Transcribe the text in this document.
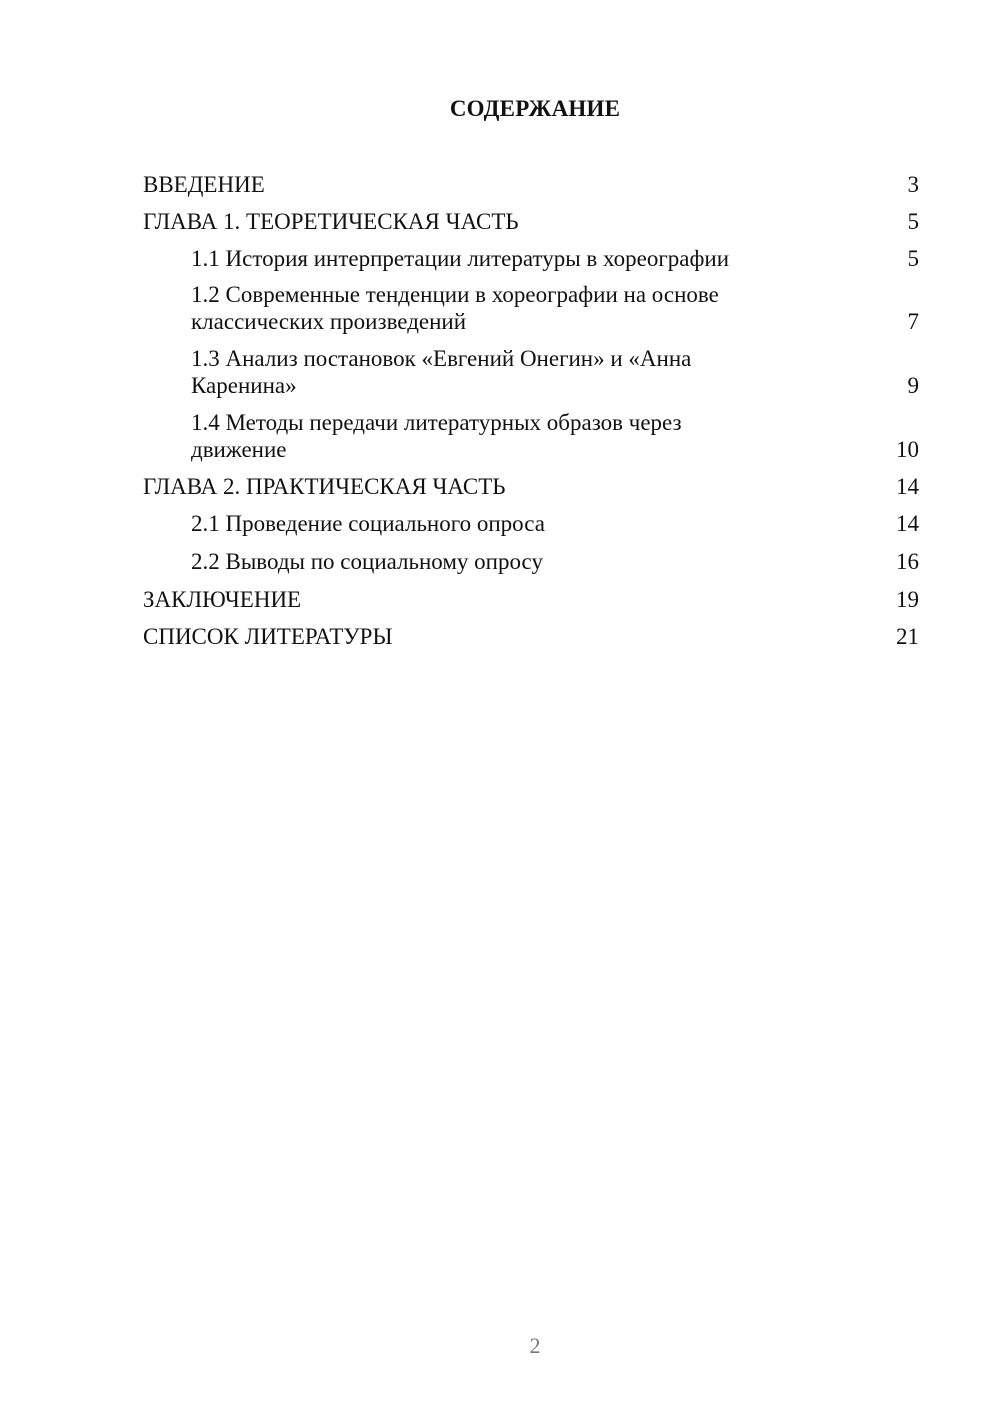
СОДЕРЖАНИЕ
ВВЕДЕНИЕ	3
ГЛАВА 1. ТЕОРЕТИЧЕСКАЯ ЧАСТЬ	5
1.1 История интерпретации литературы в хореографии	5
1.2 Современные тенденции в хореографии на основе классических произведений	7
1.3 Анализ постановок «Евгений Онегин» и «Анна Каренина»	9
1.4 Методы передачи литературных образов через движение	10
ГЛАВА 2. ПРАКТИЧЕСКАЯ ЧАСТЬ	14
2.1 Проведение социального опроса	14
2.2 Выводы по социальному опросу	16
ЗАКЛЮЧЕНИЕ	19
СПИСОК ЛИТЕРАТУРЫ	21
2
